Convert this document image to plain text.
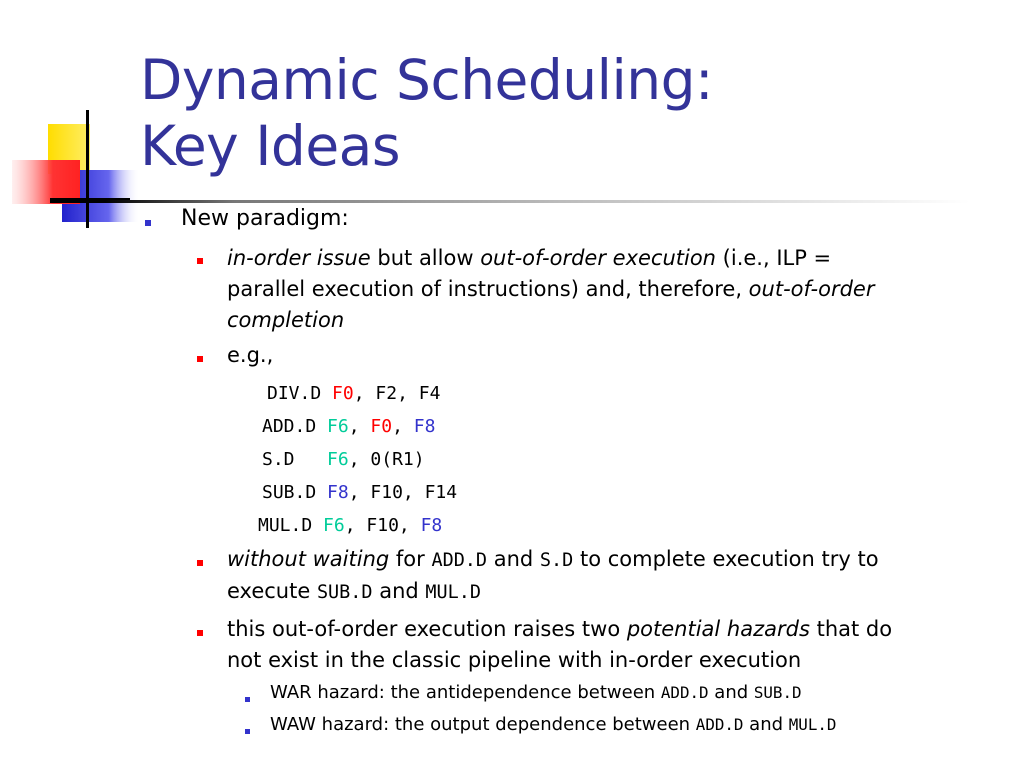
Dynamic Scheduling:
Key Ideas
New paradigm:
in-order issue but allow out-of-order execution (i.e., ILP =
parallel execution of instructions) and, therefore, out-of-order
completion
e.g.,
DIV.D F0, F2, F4
ADD.D F6, F0, F8
S.D   F6, 0(R1)
SUB.D F8, F10, F14
MUL.D F6, F10, F8
without waiting for ADD.D and S.D to complete execution try to
execute SUB.D and MUL.D
this out-of-order execution raises two potential hazards that do
not exist in the classic pipeline with in-order execution
WAR hazard: the antidependence between ADD.D and SUB.D
WAW hazard: the output dependence between ADD.D and MUL.D
